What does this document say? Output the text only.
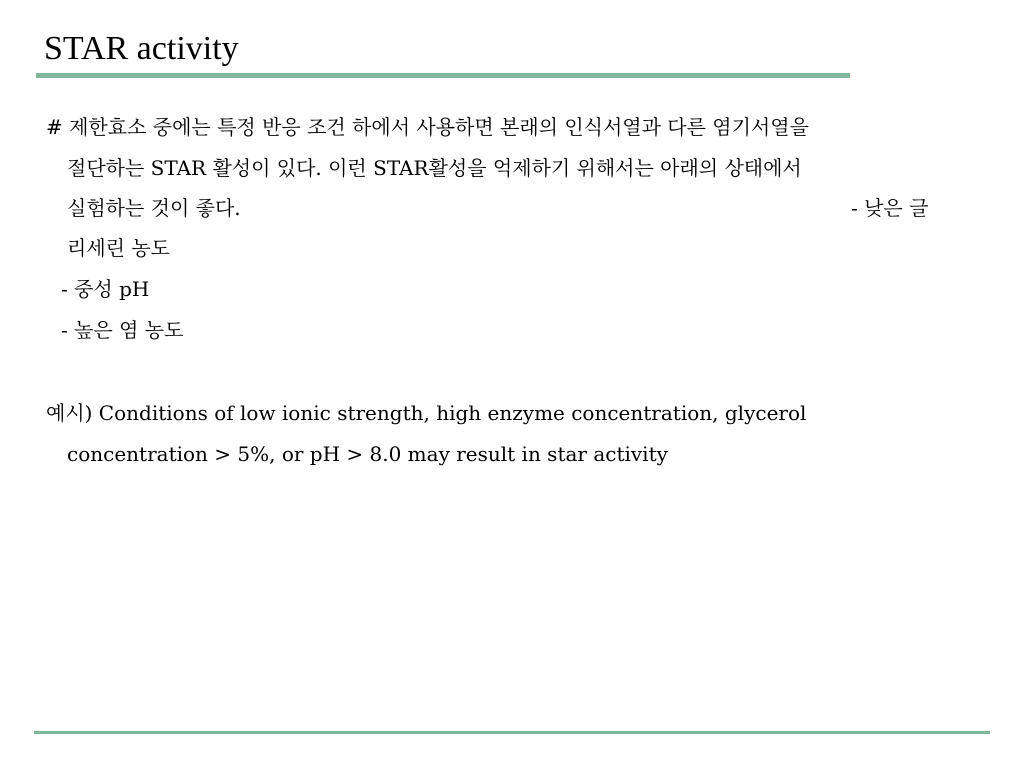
STAR activity
# 제한효소 중에는 특정 반응 조건 하에서 사용하면 본래의 인식서열과 다른 염기서열을
절단하는 STAR 활성이 있다. 이런 STAR활성을 억제하기 위해서는 아래의 상태에서
실험하는 것이 좋다.	- 낮은 글
리세린 농도
- 중성 pH
- 높은 염 농도
예시) Conditions of low ionic strength, high enzyme concentration, glycerol
concentration > 5%, or pH > 8.0 may result in star activity
